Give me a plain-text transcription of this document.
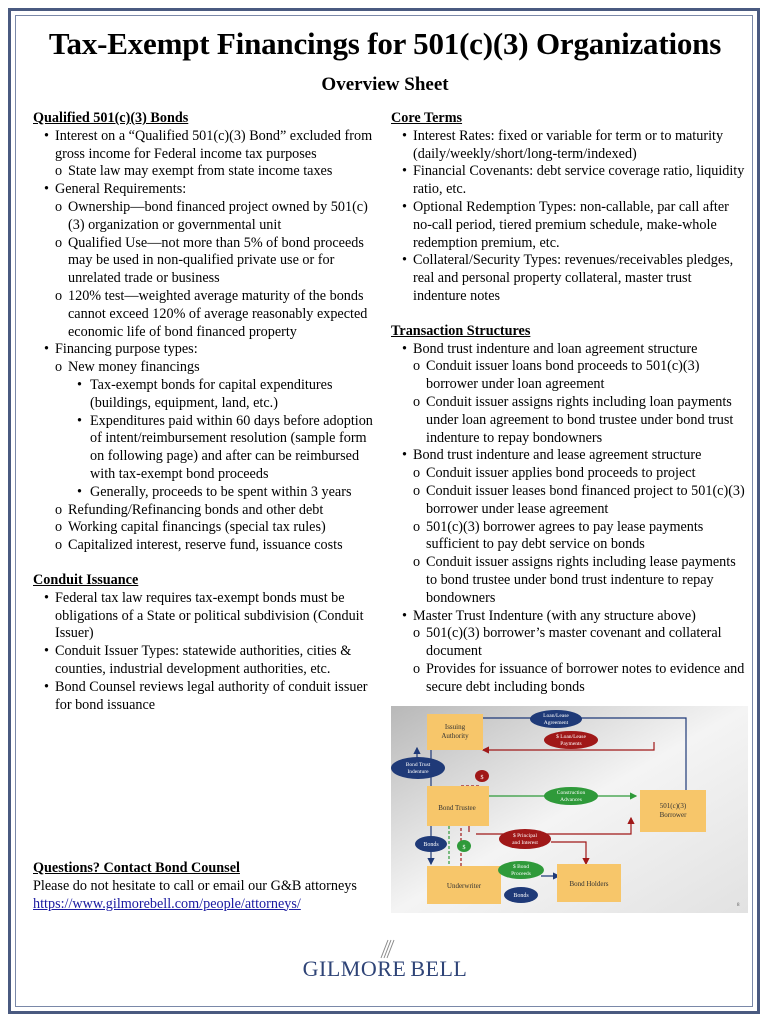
Tax-Exempt Financings for 501(c)(3) Organizations
Overview Sheet

Qualified 501(c)(3) Bonds

• Interest on a “Qualified 501(c)(3) Bond” excluded from gross income for Federal income tax purposes
o State law may exempt from state income taxes
• General Requirements:
o Ownership—bond financed project owned by 501(c)(3) organization or governmental unit
o Qualified Use—not more than 5% of bond proceeds may be used in non-qualified private use or for unrelated trade or business
o 120% test—weighted average maturity of the bonds cannot exceed 120% of average reasonably expected economic life of bond financed property
• Financing purpose types:
o New money financings
• Tax-exempt bonds for capital expenditures (buildings, equipment, land, etc.)
• Expenditures paid within 60 days before adoption of intent/reimbursement resolution (sample form on following page) and after can be reimbursed with tax-exempt bond proceeds
• Generally, proceeds to be spent within 3 years
o Refunding/Refinancing bonds and other debt
o Working capital financings (special tax rules)
o Capitalized interest, reserve fund, issuance costs

Conduit Issuance

• Federal tax law requires tax-exempt bonds must be obligations of a State or political subdivision (Conduit Issuer)
• Conduit Issuer Types: statewide authorities, cities & counties, industrial development authorities, etc.
• Bond Counsel reviews legal authority of conduit issuer for bond issuance

Questions? Contact Bond Counsel

Please do not hesitate to call or email our G&B attorneys
https://www.gilmorebell.com/people/attorneys/

Core Terms

• Interest Rates: fixed or variable for term or to maturity (daily/weekly/short/long-term/indexed)
• Financial Covenants: debt service coverage ratio, liquidity ratio, etc.
• Optional Redemption Types: non-callable, par call after no-call period, tiered premium schedule, make-whole redemption premium, etc.
• Collateral/Security Types: revenues/receivables pledges, real and personal property collateral, master trust indenture notes

Transaction Structures

• Bond trust indenture and loan agreement structure
o Conduit issuer loans bond proceeds to 501(c)(3) borrower under loan agreement
o Conduit issuer assigns rights including loan payments under loan agreement to bond trustee under bond trust indenture to repay bondowners
• Bond trust indenture and lease agreement structure
o Conduit issuer applies bond proceeds to project
o Conduit issuer leases bond financed project to 501(c)(3) borrower under lease agreement
o 501(c)(3) borrower agrees to pay lease payments sufficient to pay debt service on bonds
o Conduit issuer assigns rights including lease payments to bond trustee under bond trust indenture to repay bondowners
• Master Trust Indenture (with any structure above)
o 501(c)(3) borrower’s master covenant and collateral document
o Provides for issuance of borrower notes to evidence and secure debt including bonds
Issuing
Authority
Bond Trustee	501(c)(3)
Borrower
Underwriter	Bond Holders
Loan/Lease
Agreement
$ Loan/Lease
Payments
Bond Trust
Indenture
$
Construction
Advances
$ Principal
and Interest
Bonds	$
$ Bond
Proceeds
Bonds
8
GILMORE BELL
